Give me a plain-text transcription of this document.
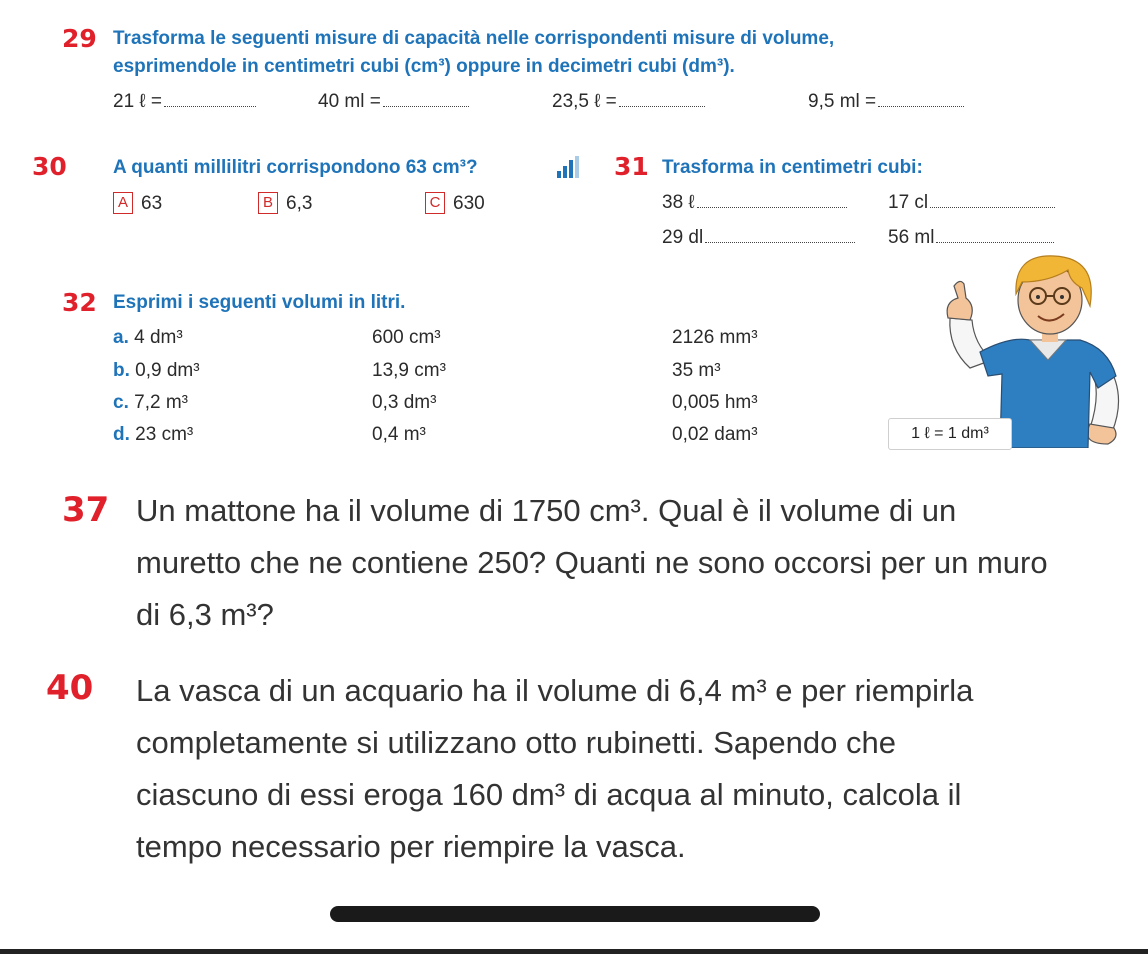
29 Trasforma le seguenti misure di capacità nelle corrispondenti misure di volume,
esprimendole in centimetri cubi (cm³) oppure in decimetri cubi (dm³).
21 ℓ =	40 ml =	23,5 ℓ =	9,5 ml =
30 A quanti millilitri corrispondono 63 cm³?
A 63	B 6,3	C 630
31 Trasforma in centimetri cubi:
38 ℓ	17 cl
29 dl	56 ml
32 Esprimi i seguenti volumi in litri.
a. 4 dm³	600 cm³	2126 mm³
b. 0,9 dm³	13,9 cm³	35 m³
c. 7,2 m³	0,3 dm³	0,005 hm³
d. 23 cm³	0,4 m³	0,02 dam³	1 ℓ = 1 dm³
37 Un mattone ha il volume di 1750 cm³. Qual è il volume di un muretto che ne contiene 250? Quanti ne sono occorsi per un muro di 6,3 m³?
40 La vasca di un acquario ha il volume di 6,4 m³ e per riempirla completamente si utilizzano otto rubinetti. Sapendo che ciascuno di essi eroga 160 dm³ di acqua al minuto, calcola il tempo necessario per riempire la vasca.
